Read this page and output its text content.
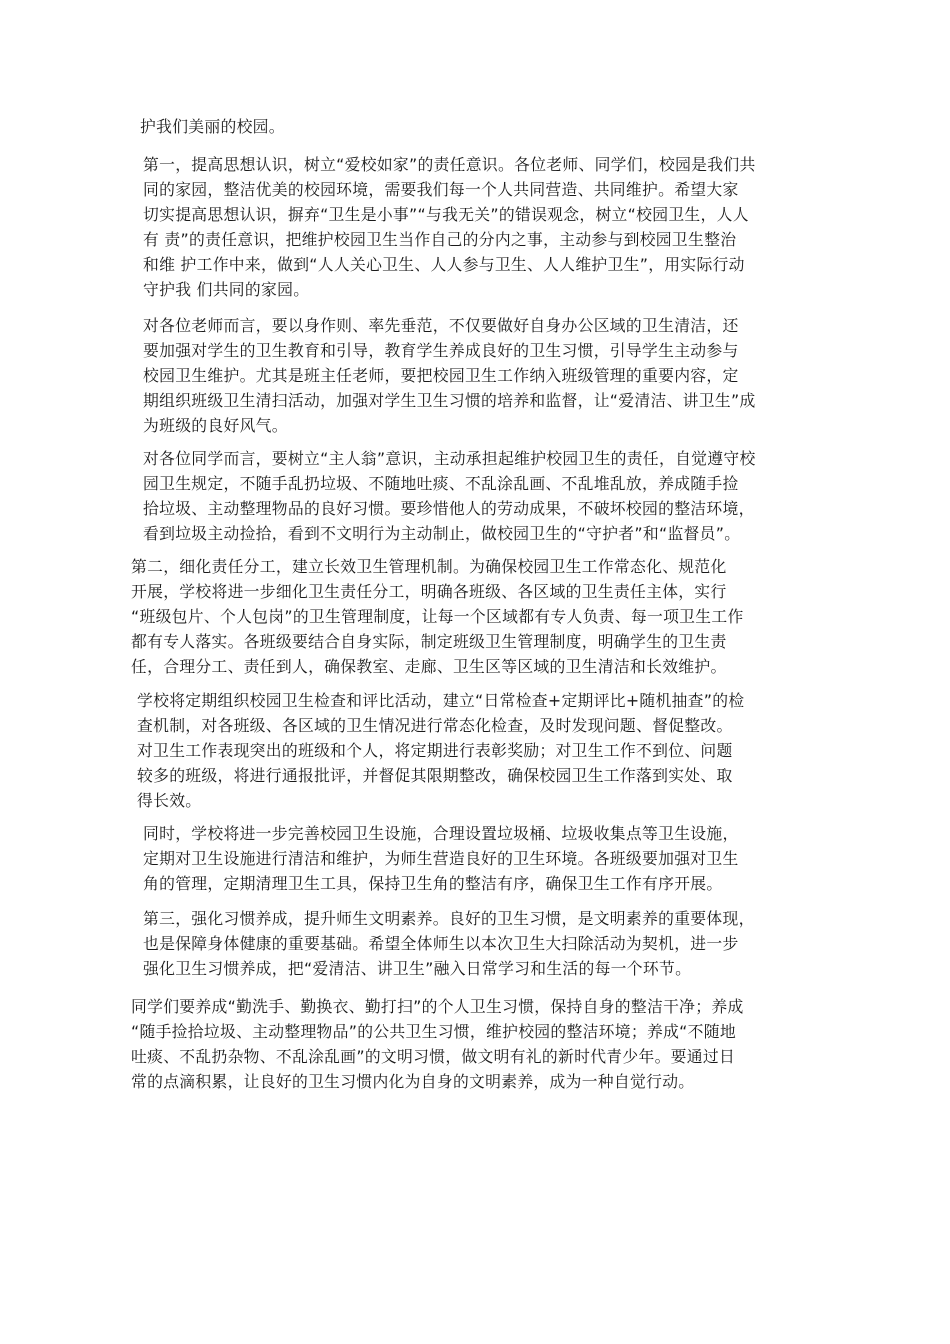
护我们美丽的校园。
第一，提高思想认识，树立“爱校如家”的责任意识。各位老师、同学们，校园是我们共
同的家园，整洁优美的校园环境，需要我们每一个人共同营造、共同维护。希望大家
切实提高思想认识，摒弃“卫生是小事”“与我无关”的错误观念，树立“校园卫生，人人
有 责”的责任意识，把维护校园卫生当作自己的分内之事，主动参与到校园卫生整治
和维 护工作中来，做到“人人关心卫生、人人参与卫生、人人维护卫生”，用实际行动
守护我 们共同的家园。
对各位老师而言，要以身作则、率先垂范，不仅要做好自身办公区域的卫生清洁，还
要加强对学生的卫生教育和引导，教育学生养成良好的卫生习惯，引导学生主动参与
校园卫生维护。尤其是班主任老师，要把校园卫生工作纳入班级管理的重要内容，定
期组织班级卫生清扫活动，加强对学生卫生习惯的培养和监督，让“爱清洁、讲卫生”成
为班级的良好风气。
对各位同学而言，要树立“主人翁”意识，主动承担起维护校园卫生的责任，自觉遵守校
园卫生规定，不随手乱扔垃圾、不随地吐痰、不乱涂乱画、不乱堆乱放，养成随手捡
拾垃圾、主动整理物品的良好习惯。要珍惜他人的劳动成果，不破坏校园的整洁环境，
看到垃圾主动捡拾，看到不文明行为主动制止，做校园卫生的“守护者”和“监督员”。
第二，细化责任分工，建立长效卫生管理机制。为确保校园卫生工作常态化、规范化
开展，学校将进一步细化卫生责任分工，明确各班级、各区域的卫生责任主体，实行
“班级包片、个人包岗”的卫生管理制度，让每一个区域都有专人负责、每一项卫生工作
都有专人落实。各班级要结合自身实际，制定班级卫生管理制度，明确学生的卫生责
任，合理分工、责任到人，确保教室、走廊、卫生区等区域的卫生清洁和长效维护。
学校将定期组织校园卫生检查和评比活动，建立“日常检查+定期评比+随机抽查”的检
查机制，对各班级、各区域的卫生情况进行常态化检查，及时发现问题、督促整改。
对卫生工作表现突出的班级和个人，将定期进行表彰奖励；对卫生工作不到位、问题
较多的班级，将进行通报批评，并督促其限期整改，确保校园卫生工作落到实处、取
得长效。
同时，学校将进一步完善校园卫生设施，合理设置垃圾桶、垃圾收集点等卫生设施，
定期对卫生设施进行清洁和维护，为师生营造良好的卫生环境。各班级要加强对卫生
角的管理，定期清理卫生工具，保持卫生角的整洁有序，确保卫生工作有序开展。
第三，强化习惯养成，提升师生文明素养。良好的卫生习惯，是文明素养的重要体现，
也是保障身体健康的重要基础。希望全体师生以本次卫生大扫除活动为契机，进一步
强化卫生习惯养成，把“爱清洁、讲卫生”融入日常学习和生活的每一个环节。
同学们要养成“勤洗手、勤换衣、勤打扫”的个人卫生习惯，保持自身的整洁干净；养成
“随手捡拾垃圾、主动整理物品”的公共卫生习惯，维护校园的整洁环境；养成“不随地
吐痰、不乱扔杂物、不乱涂乱画”的文明习惯，做文明有礼的新时代青少年。要通过日
常的点滴积累，让良好的卫生习惯内化为自身的文明素养，成为一种自觉行动。
